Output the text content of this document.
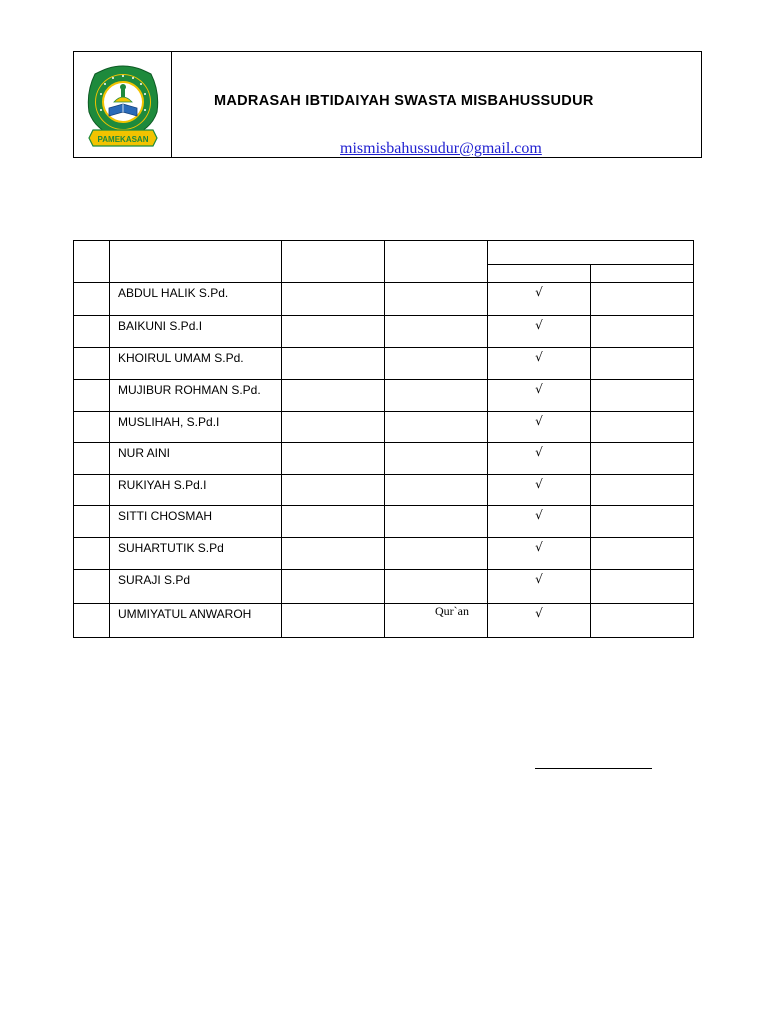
PAMEKASAN
MADRASAH IBTIDAIYAH SWASTA MISBAHUSSUDUR
mismisbahussudur@gmail.com

	ABDUL HALIK S.Pd.			√	
	BAIKUNI S.Pd.I			√	
	KHOIRUL UMAM S.Pd.			√	
	MUJIBUR ROHMAN S.Pd.			√	
	MUSLIHAH, S.Pd.I			√	
	NUR AINI			√	
	RUKIYAH S.Pd.I			√	
	SITTI CHOSMAH			√	
	SUHARTUTIK S.Pd			√	
	SURAJI S.Pd			√	
	UMMIYATUL ANWAROH		Qur`an	√	
